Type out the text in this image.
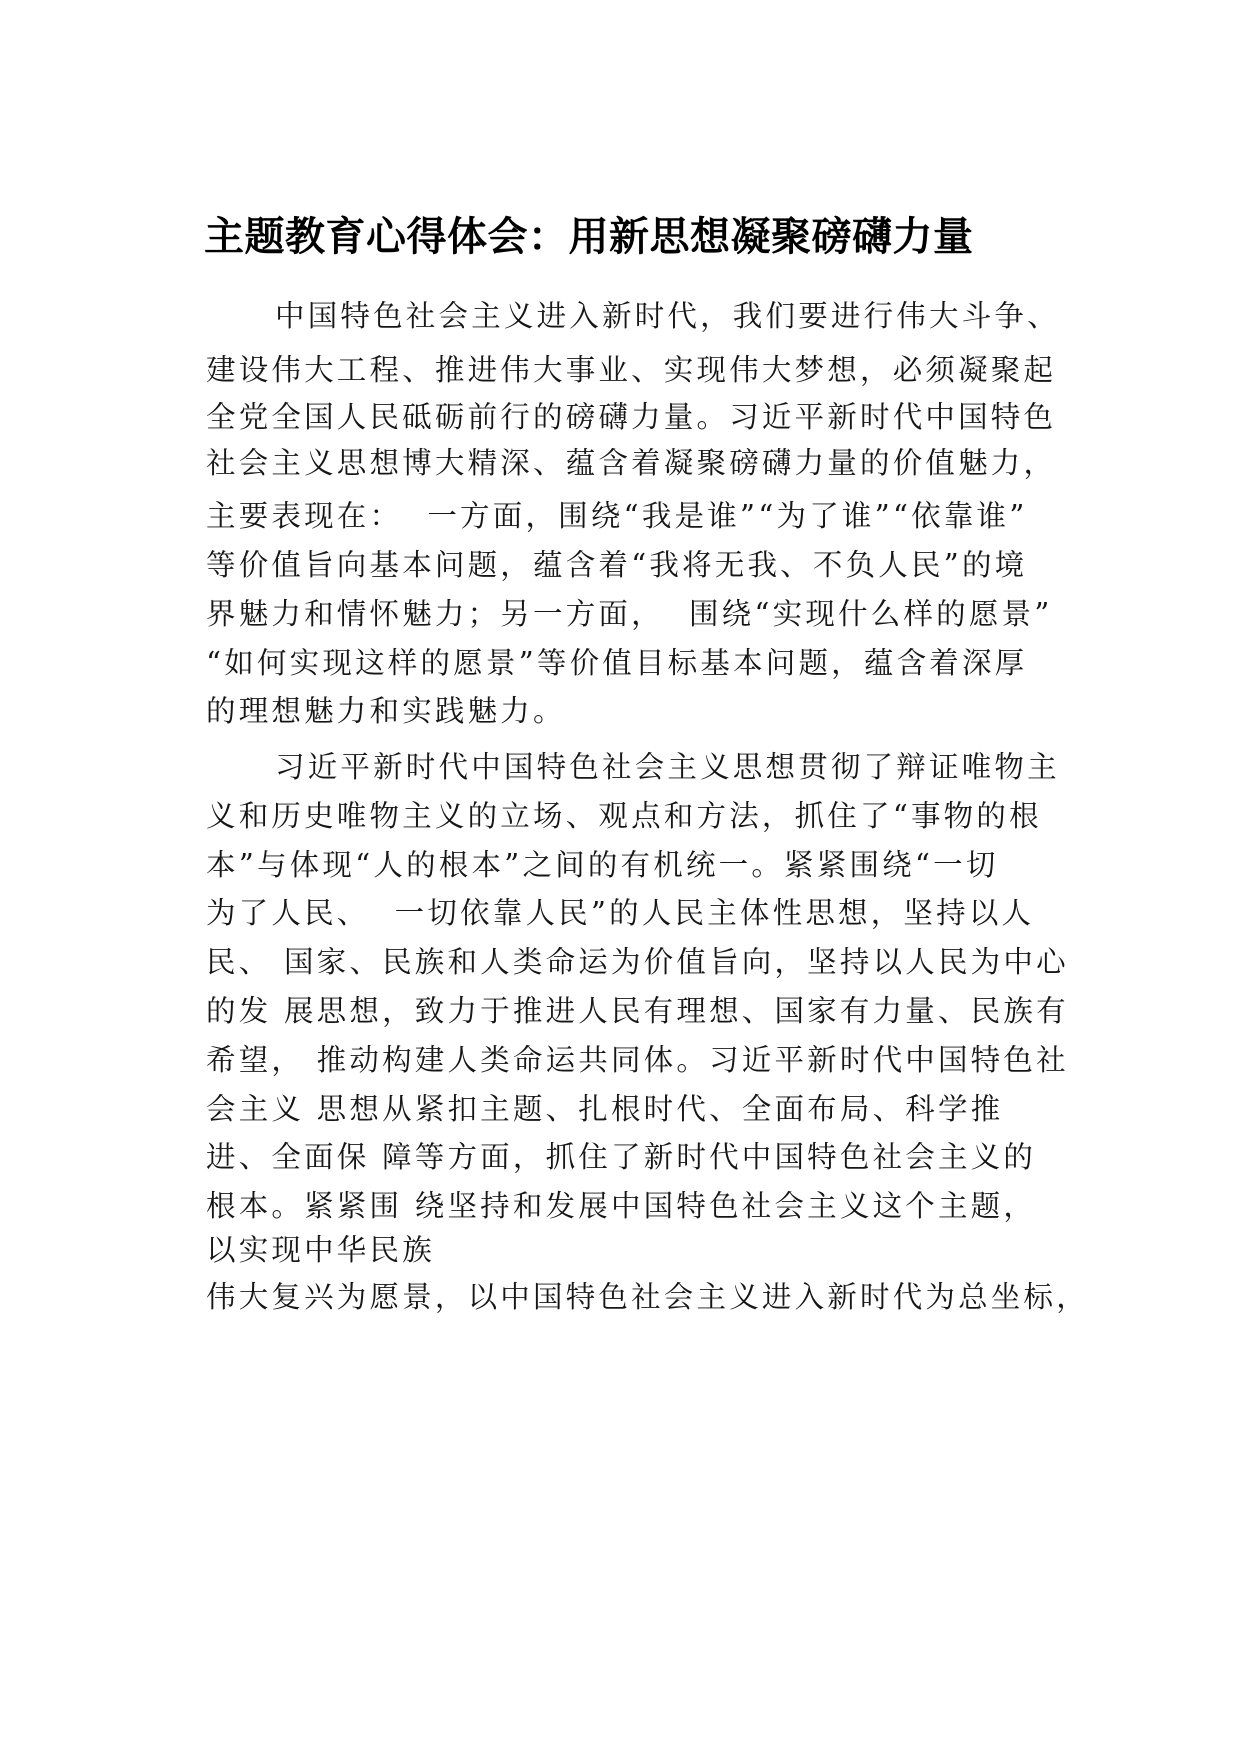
主题教育心得体会：用新思想凝聚磅礴力量

中国特色社会主义进入新时代，我们要进行伟大斗争、

建设伟大工程、推进伟大事业、实现伟大梦想，必须凝聚起

全党全国人民砥砺前行的磅礴力量。习近平新时代中国特色

社会主义思想博大精深、蕴含着凝聚磅礴力量的价值魅力，

主要表现在：  一方面，围绕“我是谁”“为了谁”“依靠谁”

等价值旨向基本问题，蕴含着“我将无我、不负人民”的境

界魅力和情怀魅力；另一方面，  围绕“实现什么样的愿景”

“如何实现这样的愿景”等价值目标基本问题，蕴含着深厚

的理想魅力和实践魅力。

习近平新时代中国特色社会主义思想贯彻了辩证唯物主

义和历史唯物主义的立场、观点和方法，抓住了“事物的根

本”与体现“人的根本”之间的有机统一。紧紧围绕“一切

为了人民、  一切依靠人民”的人民主体性思想，坚持以人

民、 国家、民族和人类命运为价值旨向，坚持以人民为中心

的发 展思想，致力于推进人民有理想、国家有力量、民族有

希望， 推动构建人类命运共同体。习近平新时代中国特色社

会主义 思想从紧扣主题、扎根时代、全面布局、科学推

进、全面保 障等方面，抓住了新时代中国特色社会主义的

根本。紧紧围 绕坚持和发展中国特色社会主义这个主题，

以实现中华民族

伟大复兴为愿景，以中国特色社会主义进入新时代为总坐标，
